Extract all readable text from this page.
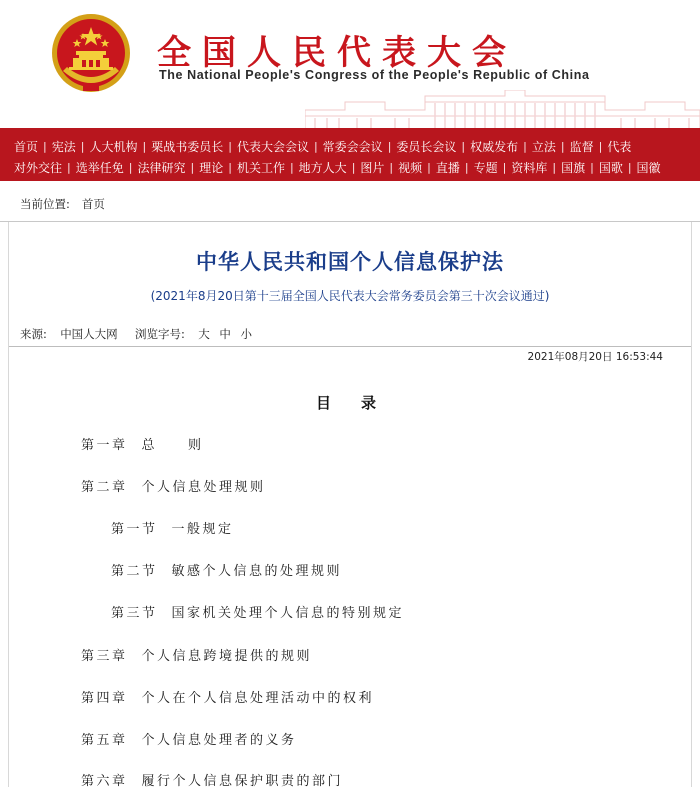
全国人民代表大会
The National People's Congress of the People's Republic of China
首页 | 宪法 | 人大机构 | 栗战书委员长 | 代表大会会议 | 常委会会议 | 委员长会议 | 权威发布 | 立法 | 监督 | 代表
对外交往 | 选举任免 | 法律研究 | 理论 | 机关工作 | 地方人大 | 图片 | 视频 | 直播 | 专题 | 资料库 | 国旗 | 国歌 | 国徽
当前位置: 首页
中华人民共和国个人信息保护法
(2021年8月20日第十三届全国人民代表大会常务委员会第三十次会议通过)
来源: 中国人大网 浏览字号: 大 中 小
2021年08月20日 16:53:44
目 录
第一章 总　　则
第二章 个人信息处理规则
第一节 一般规定
第二节 敏感个人信息的处理规则
第三节 国家机关处理个人信息的特别规定
第三章 个人信息跨境提供的规则
第四章 个人在个人信息处理活动中的权利
第五章 个人信息处理者的义务
第六章 履行个人信息保护职责的部门
